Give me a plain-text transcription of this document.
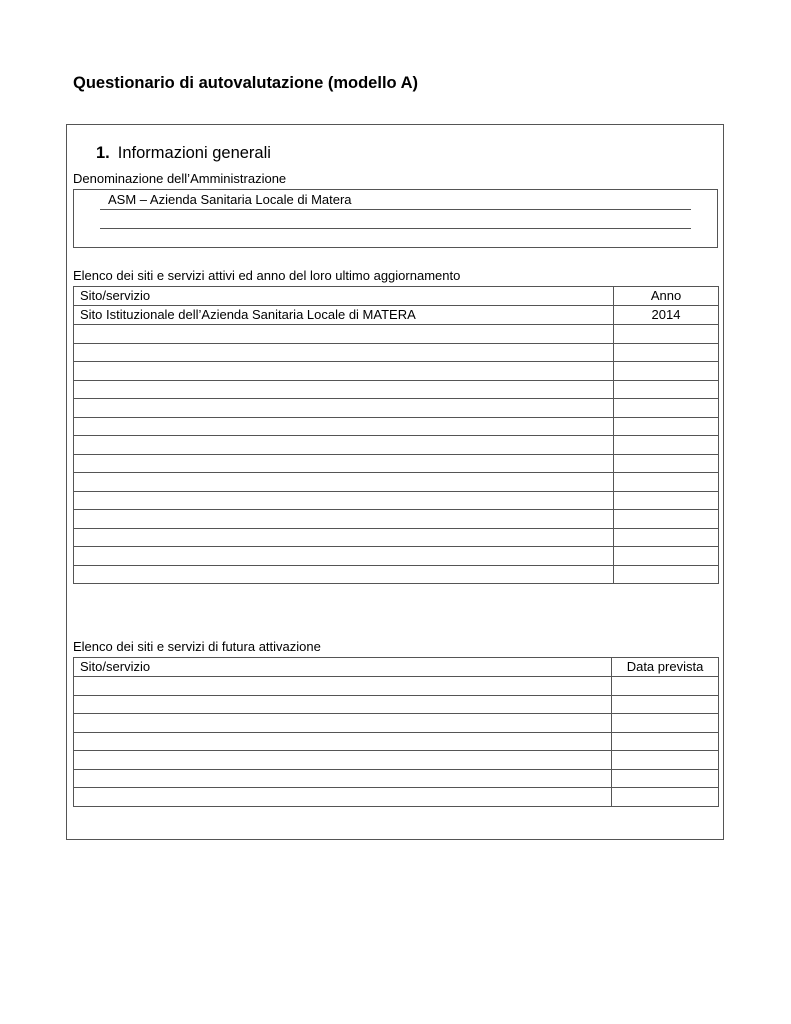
Questionario di autovalutazione (modello A)
1. Informazioni generali
Denominazione dell’Amministrazione
ASM – Azienda Sanitaria Locale di Matera
Elenco dei siti e servizi attivi ed anno del loro ultimo aggiornamento
Sito/servizio	Anno
Sito Istituzionale dell’Azienda Sanitaria Locale di MATERA	2014

Elenco dei siti e servizi di futura attivazione
Sito/servizio	Data prevista
